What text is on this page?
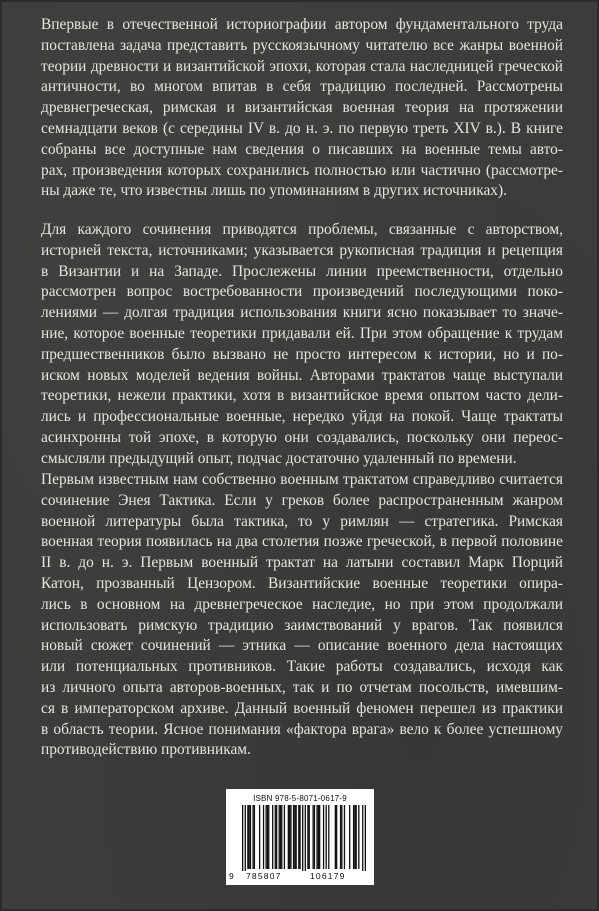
Впервые в отечественной историографии автором фундаментального труда
поставлена задача представить русскоязычному читателю все жанры военной
теории древности и византийской эпохи, которая стала наследницей греческой
античности, во многом впитав в себя традицию последней. Рассмотрены
древнегреческая, римская и византийская военная теория на протяжении
семнадцати веков (с середины IV в. до н. э. по первую треть XIV в.). В книге
собраны все доступные нам сведения о писавших на военные темы авто-
рах, произведения которых сохранились полностью или частично (рассмотре-
ны даже те, что известны лишь по упоминаниям в других источниках).
Для каждого сочинения приводятся проблемы, связанные с авторством,
историей текста, источниками; указывается рукописная традиция и рецепция
в Византии и на Западе. Прослежены линии преемственности, отдельно
рассмотрен вопрос востребованности произведений последующими поко-
лениями — долгая традиция использования книги ясно показывает то значе-
ние, которое военные теоретики придавали ей. При этом обращение к трудам
предшественников было вызвано не просто интересом к истории, но и по-
иском новых моделей ведения войны. Авторами трактатов чаще выступали
теоретики, нежели практики, хотя в византийское время опытом часто дели-
лись и профессиональные военные, нередко уйдя на покой. Чаще трактаты
асинхронны той эпохе, в которую они создавались, поскольку они переос-
смысляли предыдущий опыт, подчас достаточно удаленный по времени.
Первым известным нам собственно военным трактатом справедливо считается
сочинение Энея Тактика. Если у греков более распространенным жанром
военной литературы была тактика, то у римлян — стратегика. Римская
военная теория появилась на два столетия позже греческой, в первой половине
II в. до н. э. Первым военный трактат на латыни составил Марк Порций
Катон, прозванный Цензором. Византийские военные теоретики опира-
лись в основном на древнегреческое наследие, но при этом продолжали
использовать римскую традицию заимствований у врагов. Так появился
новый сюжет сочинений — этника — описание военного дела настоящих
или потенциальных противников. Такие работы создавались, исходя как
из личного опыта авторов-военных, так и по отчетам посольств, имевшим-
ся в императорском архиве. Данный военный феномен перешел из практики
в область теории. Ясное понимания «фактора врага» вело к более успешному
противодействию противникам.
ISBN 978-5-8071-0617-9
9 785807	106179
